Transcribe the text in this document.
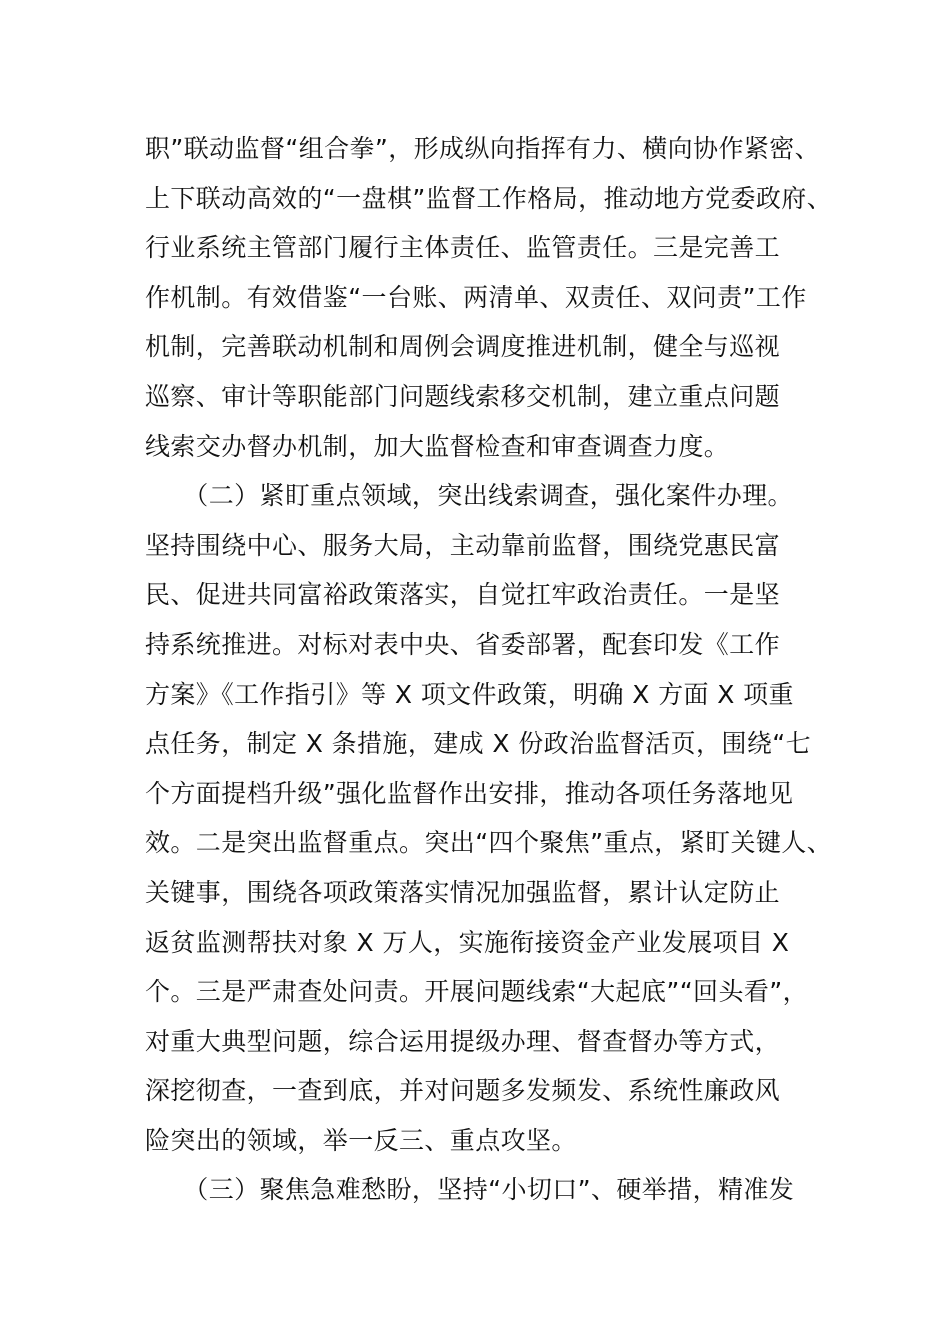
职”联动监督“组合拳”，形成纵向指挥有力、横向协作紧密、
上下联动高效的“一盘棋”监督工作格局，推动地方党委政府、
行业系统主管部门履行主体责任、监管责任。三是完善工
作机制。有效借鉴“一台账、两清单、双责任、双问责”工作
机制，完善联动机制和周例会调度推进机制，健全与巡视
巡察、审计等职能部门问题线索移交机制，建立重点问题
线索交办督办机制，加大监督检查和审查调查力度。
　　（二）紧盯重点领域，突出线索调查，强化案件办理。
坚持围绕中心、服务大局，主动靠前监督，围绕党惠民富
民、促进共同富裕政策落实，自觉扛牢政治责任。一是坚
持系统推进。对标对表中央、省委部署，配套印发《工作
方案》《工作指引》等 X 项文件政策，明确 X 方面 X 项重
点任务，制定 X 条措施，建成 X 份政治监督活页，围绕“七
个方面提档升级”强化监督作出安排，推动各项任务落地见
效。二是突出监督重点。突出“四个聚焦”重点，紧盯关键人、
关键事，围绕各项政策落实情况加强监督，累计认定防止
返贫监测帮扶对象 X 万人，实施衔接资金产业发展项目 X
个。三是严肃查处问责。开展问题线索“大起底”“回头看”，
对重大典型问题，综合运用提级办理、督查督办等方式，
深挖彻查，一查到底，并对问题多发频发、系统性廉政风
险突出的领域，举一反三、重点攻坚。
　　（三）聚焦急难愁盼，坚持“小切口”、硬举措，精准发
